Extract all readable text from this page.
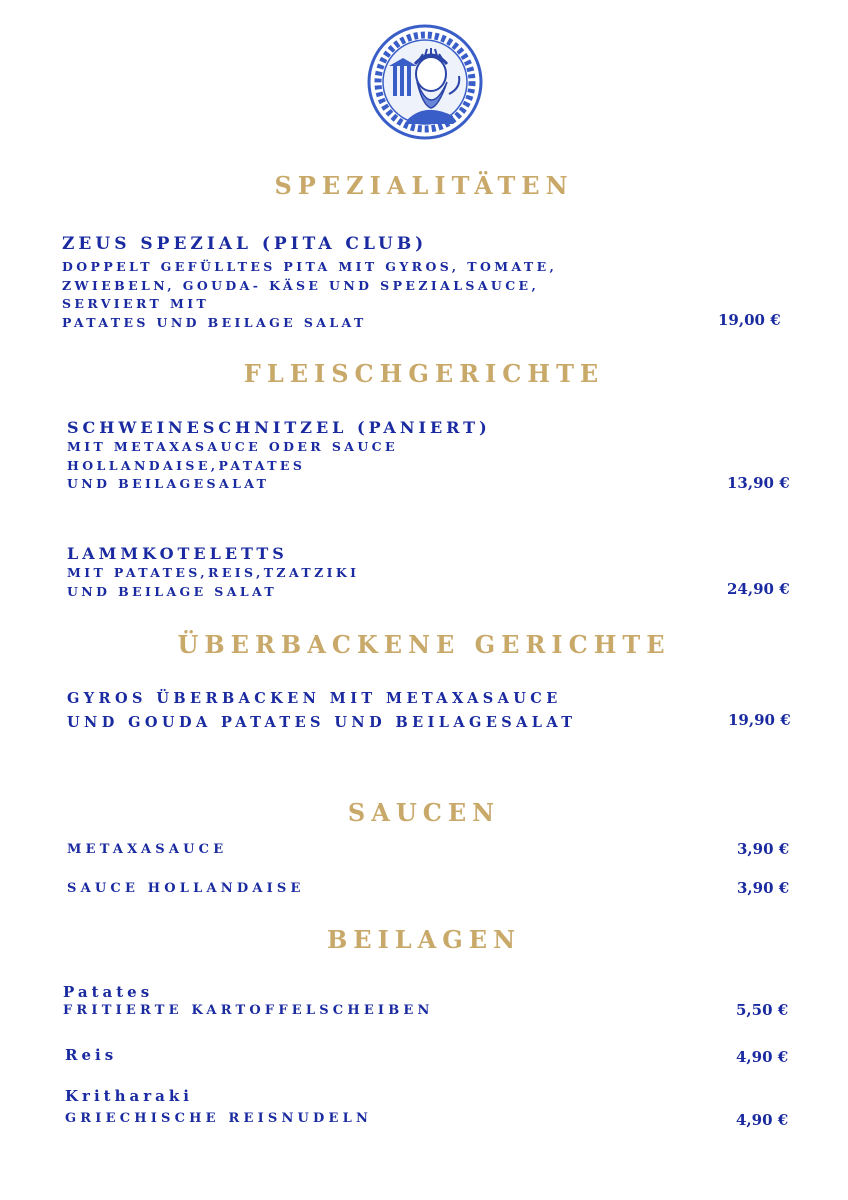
SPEZIALITÄTEN
ZEUS SPEZIAL (PITA CLUB)
DOPPELT GEFÜLLTES PITA MIT GYROS, TOMATE,
ZWIEBELN, GOUDA- KÄSE UND SPEZIALSAUCE,
SERVIERT MIT
PATATES UND BEILAGE SALAT	19,00 €
FLEISCHGERICHTE
SCHWEINESCHNITZEL (PANIERT)
MIT METAXASAUCE ODER SAUCE
HOLLANDAISE,PATATES
UND BEILAGESALAT	13,90 €
LAMMKOTELETTS
MIT PATATES,REIS,TZATZIKI
UND BEILAGE SALAT	24,90 €
ÜBERBACKENE GERICHTE
GYROS ÜBERBACKEN MIT METAXASAUCE
UND GOUDA PATATES UND BEILAGESALAT	19,90 €
SAUCEN
METAXASAUCE	3,90 €
SAUCE HOLLANDAISE	3,90 €
BEILAGEN
Patates
FRITIERTE KARTOFFELSCHEIBEN	5,50 €
Reis	4,90 €
Kritharaki
GRIECHISCHE REISNUDELN	4,90 €
